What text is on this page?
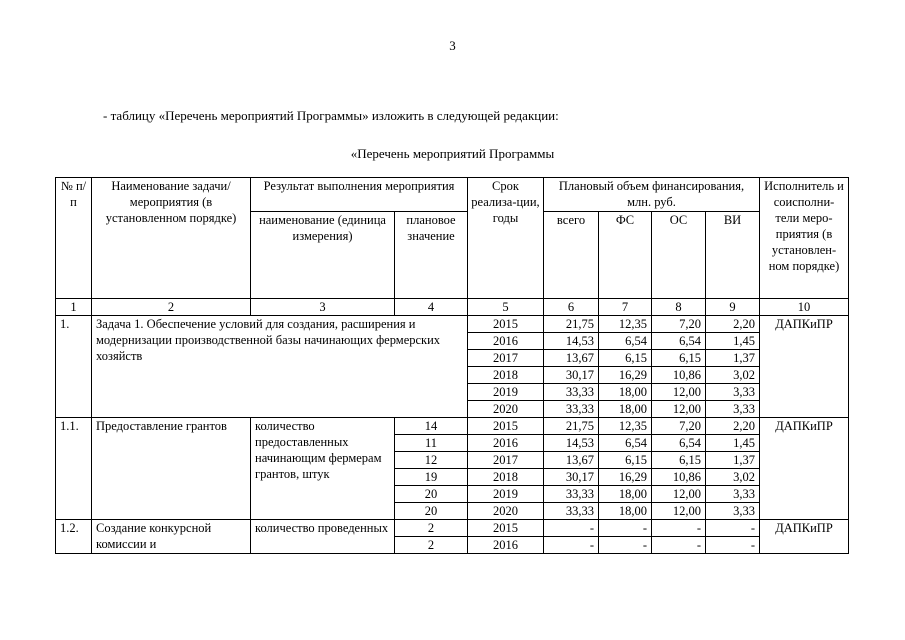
3
- таблицу «Перечень мероприятий Программы» изложить в следующей редакции:
«Перечень мероприятий Программы
№ п/п	Наименование задачи/мероприятия (в установленном порядке)	Результат выполнения мероприятия		Срок реализа-ции, годы	Плановый объем финансирования, млн. руб.				Исполнитель и соисполни-тели меро-приятия (в установлен-ном порядке)
		наименование (единица измерения)	плановое значение		всего	ФС	ОС	ВИ	
1	2	3	4	5	6	7	8	9	10
1.	Задача 1. Обеспечение условий для создания, расширения и модернизации производственной базы начинающих фермерских хозяйств			2015	21,75	12,35	7,20	2,20	ДАПКиПР
				2016	14,53	6,54	6,54	1,45	
				2017	13,67	6,15	6,15	1,37	
				2018	30,17	16,29	10,86	3,02	
				2019	33,33	18,00	12,00	3,33	
				2020	33,33	18,00	12,00	3,33	
1.1.	Предоставление грантов	количество предоставленных начинающим фермерам грантов, штук	14	2015	21,75	12,35	7,20	2,20	ДАПКиПР
			11	2016	14,53	6,54	6,54	1,45	
			12	2017	13,67	6,15	6,15	1,37	
			19	2018	30,17	16,29	10,86	3,02	
			20	2019	33,33	18,00	12,00	3,33	
			20	2020	33,33	18,00	12,00	3,33	
1.2.	Создание конкурсной комиссии и	количество проведенных	2	2015	-	-	-	-	ДАПКиПР
			2	2016	-	-	-	-	
